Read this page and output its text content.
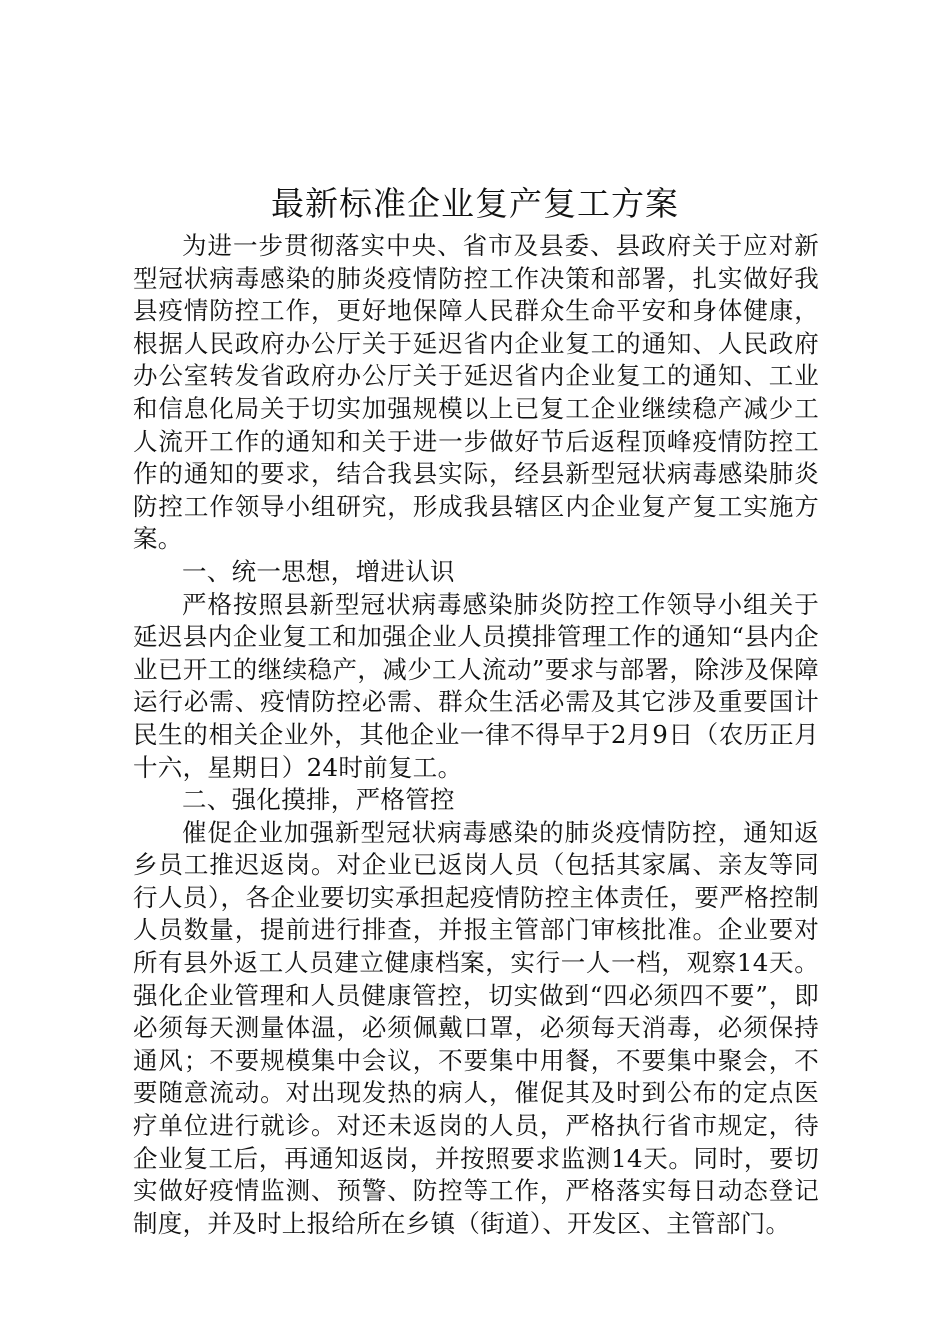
最新标准企业复产复工方案

为进一步贯彻落实中央、省市及县委、县政府关于应对新型冠状病毒感染的肺炎疫情防控工作决策和部署，扎实做好我县疫情防控工作，更好地保障人民群众生命平安和身体健康，根据人民政府办公厅关于延迟省内企业复工的通知、人民政府办公室转发省政府办公厅关于延迟省内企业复工的通知、工业和信息化局关于切实加强规模以上已复工企业继续稳产减少工人流开工作的通知和关于进一步做好节后返程顶峰疫情防控工作的通知的要求，结合我县实际，经县新型冠状病毒感染肺炎防控工作领导小组研究，形成我县辖区内企业复产复工实施方案。

一、统一思想，增进认识

严格按照县新型冠状病毒感染肺炎防控工作领导小组关于延迟县内企业复工和加强企业人员摸排管理工作的通知“县内企业已开工的继续稳产，减少工人流动”要求与部署，除涉及保障运行必需、疫情防控必需、群众生活必需及其它涉及重要国计民生的相关企业外，其他企业一律不得早于2月9日（农历正月十六，星期日）24时前复工。

二、强化摸排，严格管控

催促企业加强新型冠状病毒感染的肺炎疫情防控，通知返乡员工推迟返岗。对企业已返岗人员（包括其家属、亲友等同行人员），各企业要切实承担起疫情防控主体责任，要严格控制人员数量，提前进行排查，并报主管部门审核批准。企业要对所有县外返工人员建立健康档案，实行一人一档，观察14天。强化企业管理和人员健康管控，切实做到“四必须四不要”，即必须每天测量体温，必须佩戴口罩，必须每天消毒，必须保持通风；不要规模集中会议，不要集中用餐，不要集中聚会，不要随意流动。对出现发热的病人，催促其及时到公布的定点医疗单位进行就诊。对还未返岗的人员，严格执行省市规定，待企业复工后，再通知返岗，并按照要求监测14天。同时，要切实做好疫情监测、预警、防控等工作，严格落实每日动态登记制度，并及时上报给所在乡镇（街道）、开发区、主管部门。
